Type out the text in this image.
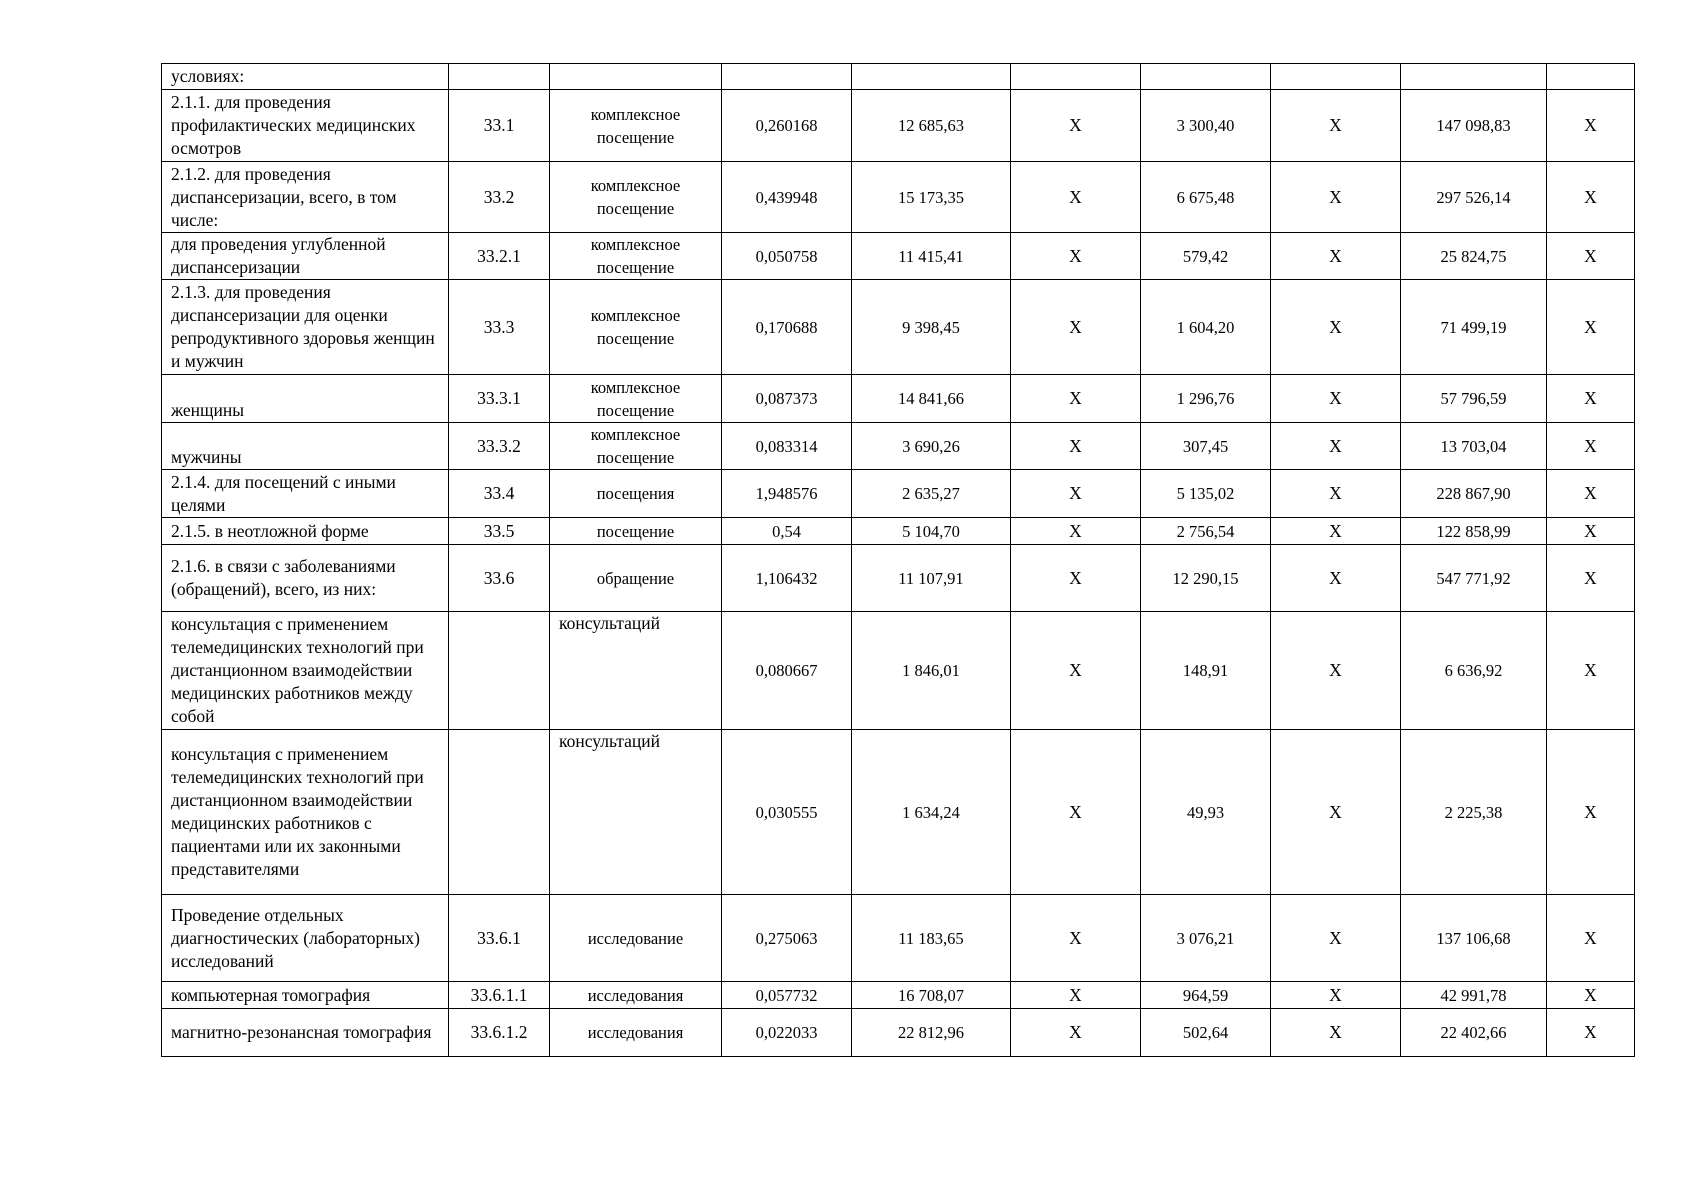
условиях:									
2.1.1. для проведения профилактических медицинских осмотров	33.1	комплексное посещение	0,260168	12 685,63	Х	3 300,40	Х	147 098,83	Х
2.1.2. для проведения диспансеризации, всего, в том числе:	33.2	комплексное посещение	0,439948	15 173,35	Х	6 675,48	Х	297 526,14	Х
для проведения углубленной диспансеризации	33.2.1	комплексное посещение	0,050758	11 415,41	Х	579,42	Х	25 824,75	Х
2.1.3. для проведения диспансеризации для оценки репродуктивного здоровья женщин и мужчин	33.3	комплексное посещение	0,170688	9 398,45	Х	1 604,20	Х	71 499,19	Х
женщины	33.3.1	комплексное посещение	0,087373	14 841,66	Х	1 296,76	Х	57 796,59	Х
мужчины	33.3.2	комплексное посещение	0,083314	3 690,26	Х	307,45	Х	13 703,04	Х
2.1.4. для посещений с иными целями	33.4	посещения	1,948576	2 635,27	Х	5 135,02	Х	228 867,90	Х
2.1.5. в неотложной форме	33.5	посещение	0,54	5 104,70	Х	2 756,54	Х	122 858,99	Х
2.1.6. в связи с заболеваниями (обращений), всего, из них:	33.6	обращение	1,106432	11 107,91	Х	12 290,15	Х	547 771,92	Х
консультация с применением телемедицинских технологий при дистанционном взаимодействии медицинских работников между собой		консультаций	0,080667	1 846,01	Х	148,91	Х	6 636,92	Х
консультация с применением телемедицинских технологий при дистанционном взаимодействии медицинских работников с пациентами или их законными представителями		консультаций	0,030555	1 634,24	Х	49,93	Х	2 225,38	Х
Проведение отдельных диагностических (лабораторных) исследований	33.6.1	исследование	0,275063	11 183,65	Х	3 076,21	Х	137 106,68	Х
компьютерная томография	33.6.1.1	исследования	0,057732	16 708,07	Х	964,59	Х	42 991,78	Х
магнитно-резонансная томография	33.6.1.2	исследования	0,022033	22 812,96	Х	502,64	Х	22 402,66	Х
